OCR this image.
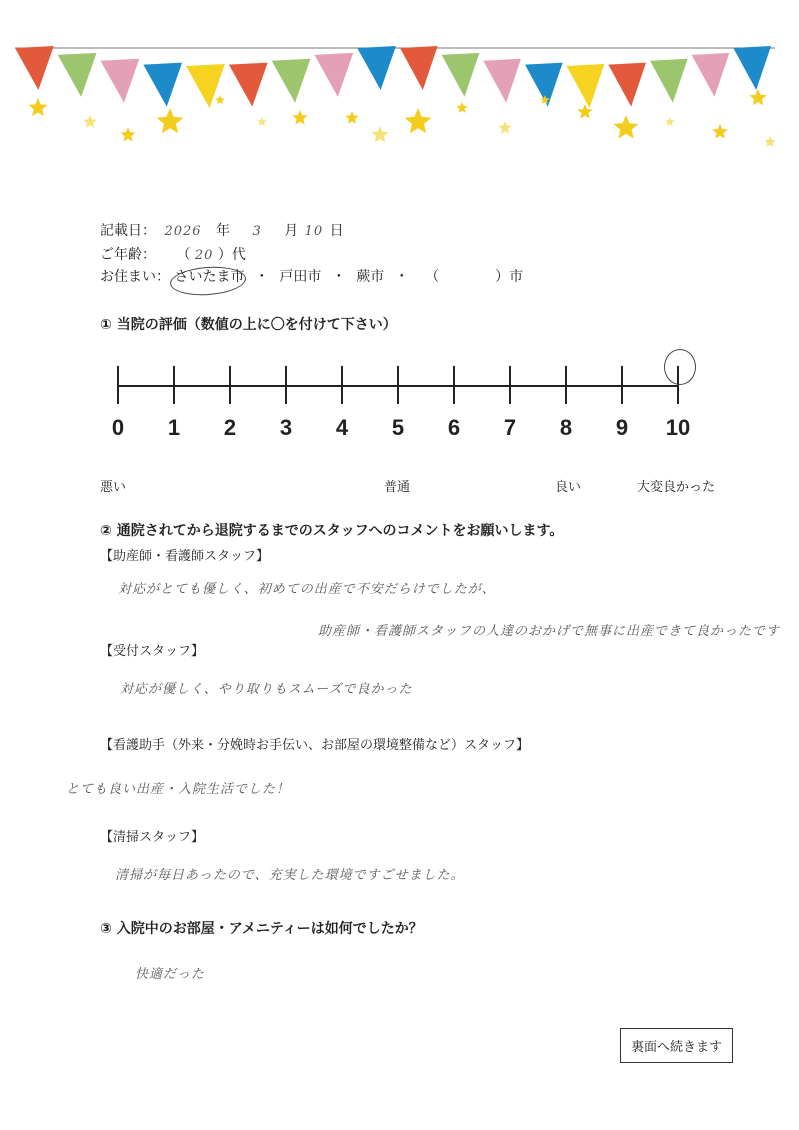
記載日： 2026 年 3 月 10 日
ご年齢： （ 20 ）代
お住まい： さいたま市 ・ 戸田市 ・ 蕨市 ・ （　　　　）市
① 当院の評価（数値の上に〇を付けて下さい）
0	1	2	3	4	5	6	7	8	9	10
悪い	普通	良い	大変良かった
② 通院されてから退院するまでのスタッフへのコメントをお願いします。
【助産師・看護師スタッフ】
対応がとても優しく、初めての出産で不安だらけでしたが、
助産師・看護師スタッフの人達のおかげで無事に出産できて良かったです
【受付スタッフ】
対応が優しく、やり取りもスムーズで良かった
【看護助手（外来・分娩時お手伝い、お部屋の環境整備など）スタッフ】
とても良い出産・入院生活でした！
【清掃スタッフ】
清掃が毎日あったので、充実した環境ですごせました。
③ 入院中のお部屋・アメニティーは如何でしたか？
快適だった
裏面へ続きます
